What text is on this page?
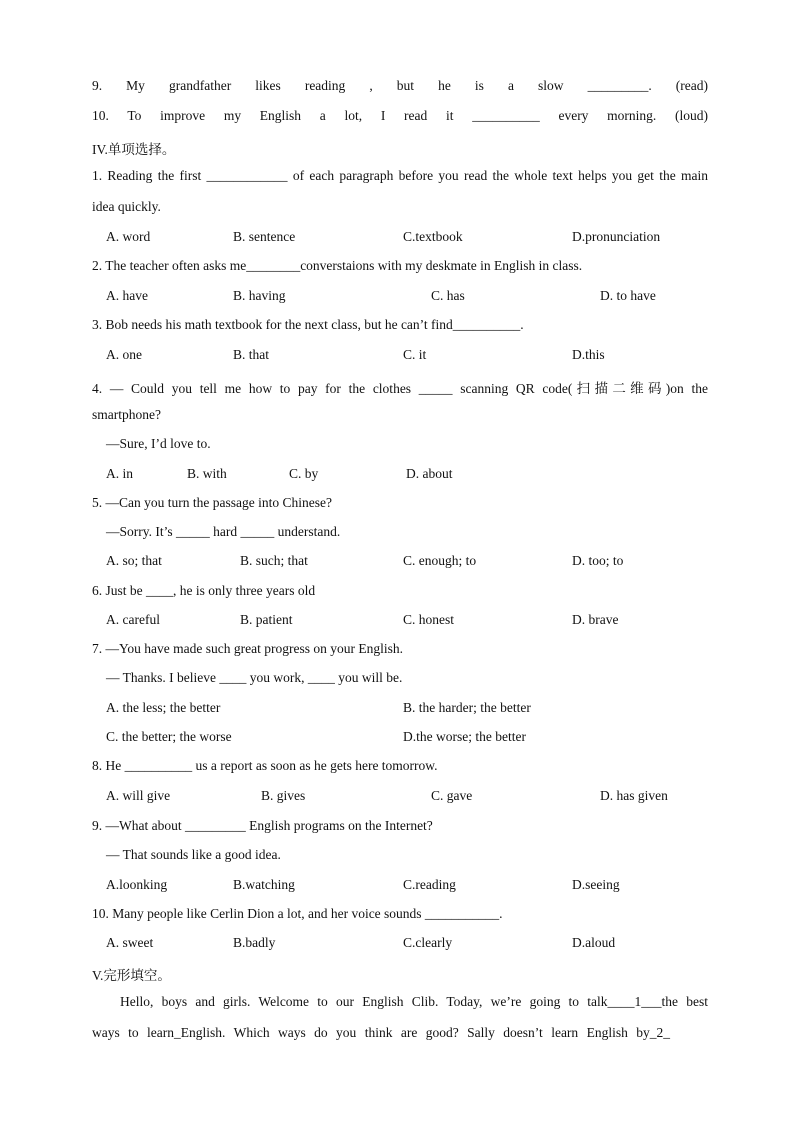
9. My grandfather likes reading , but he is a slow _________. (read)
10. To improve my English a lot, I read it __________ every morning. (loud)
IV.单项选择。
1. Reading the first ____________ of each paragraph before you read the whole text helps you get the main
idea quickly.
A. word	B. sentence	C.textbook	D.pronunciation
2. The teacher often asks me________converstaions with my deskmate in English in class.
A. have	B. having	C. has	D. to have
3. Bob needs his math textbook for the next class, but he can’t find__________.
A. one	B. that	C. it	D.this
4. — Could you tell me how to pay for the clothes _____ scanning QR code(扫描二维码)on the
smartphone?
—Sure, I’d love to.
A. in	B. with	C. by	D. about
5. —Can you turn the passage into Chinese?
—Sorry. It’s _____ hard _____ understand.
A. so; that	B. such; that	C. enough; to	D. too; to
6. Just be ____, he is only three years old
A. careful	B. patient	C. honest	D. brave
7. —You have made such great progress on your English.
— Thanks. I believe ____ you work, ____ you will be.
A. the less; the better	B. the harder; the better
C. the better; the worse	D.the worse; the better
8. He __________ us a report as soon as he gets here tomorrow.
A. will give	B. gives	C. gave	D. has given
9. —What about _________ English programs on the Internet?
— That sounds like a good idea.
A.loonking	B.watching	C.reading	D.seeing
10. Many people like Cerlin Dion a lot, and her voice sounds ___________.
A. sweet	B.badly	C.clearly	D.aloud
V.完形填空。
Hello, boys and girls. Welcome to our English Clib. Today, we’re going to talk____1___the best
ways to learn_English. Which ways do you think are good? Sally doesn’t learn English by_2_
